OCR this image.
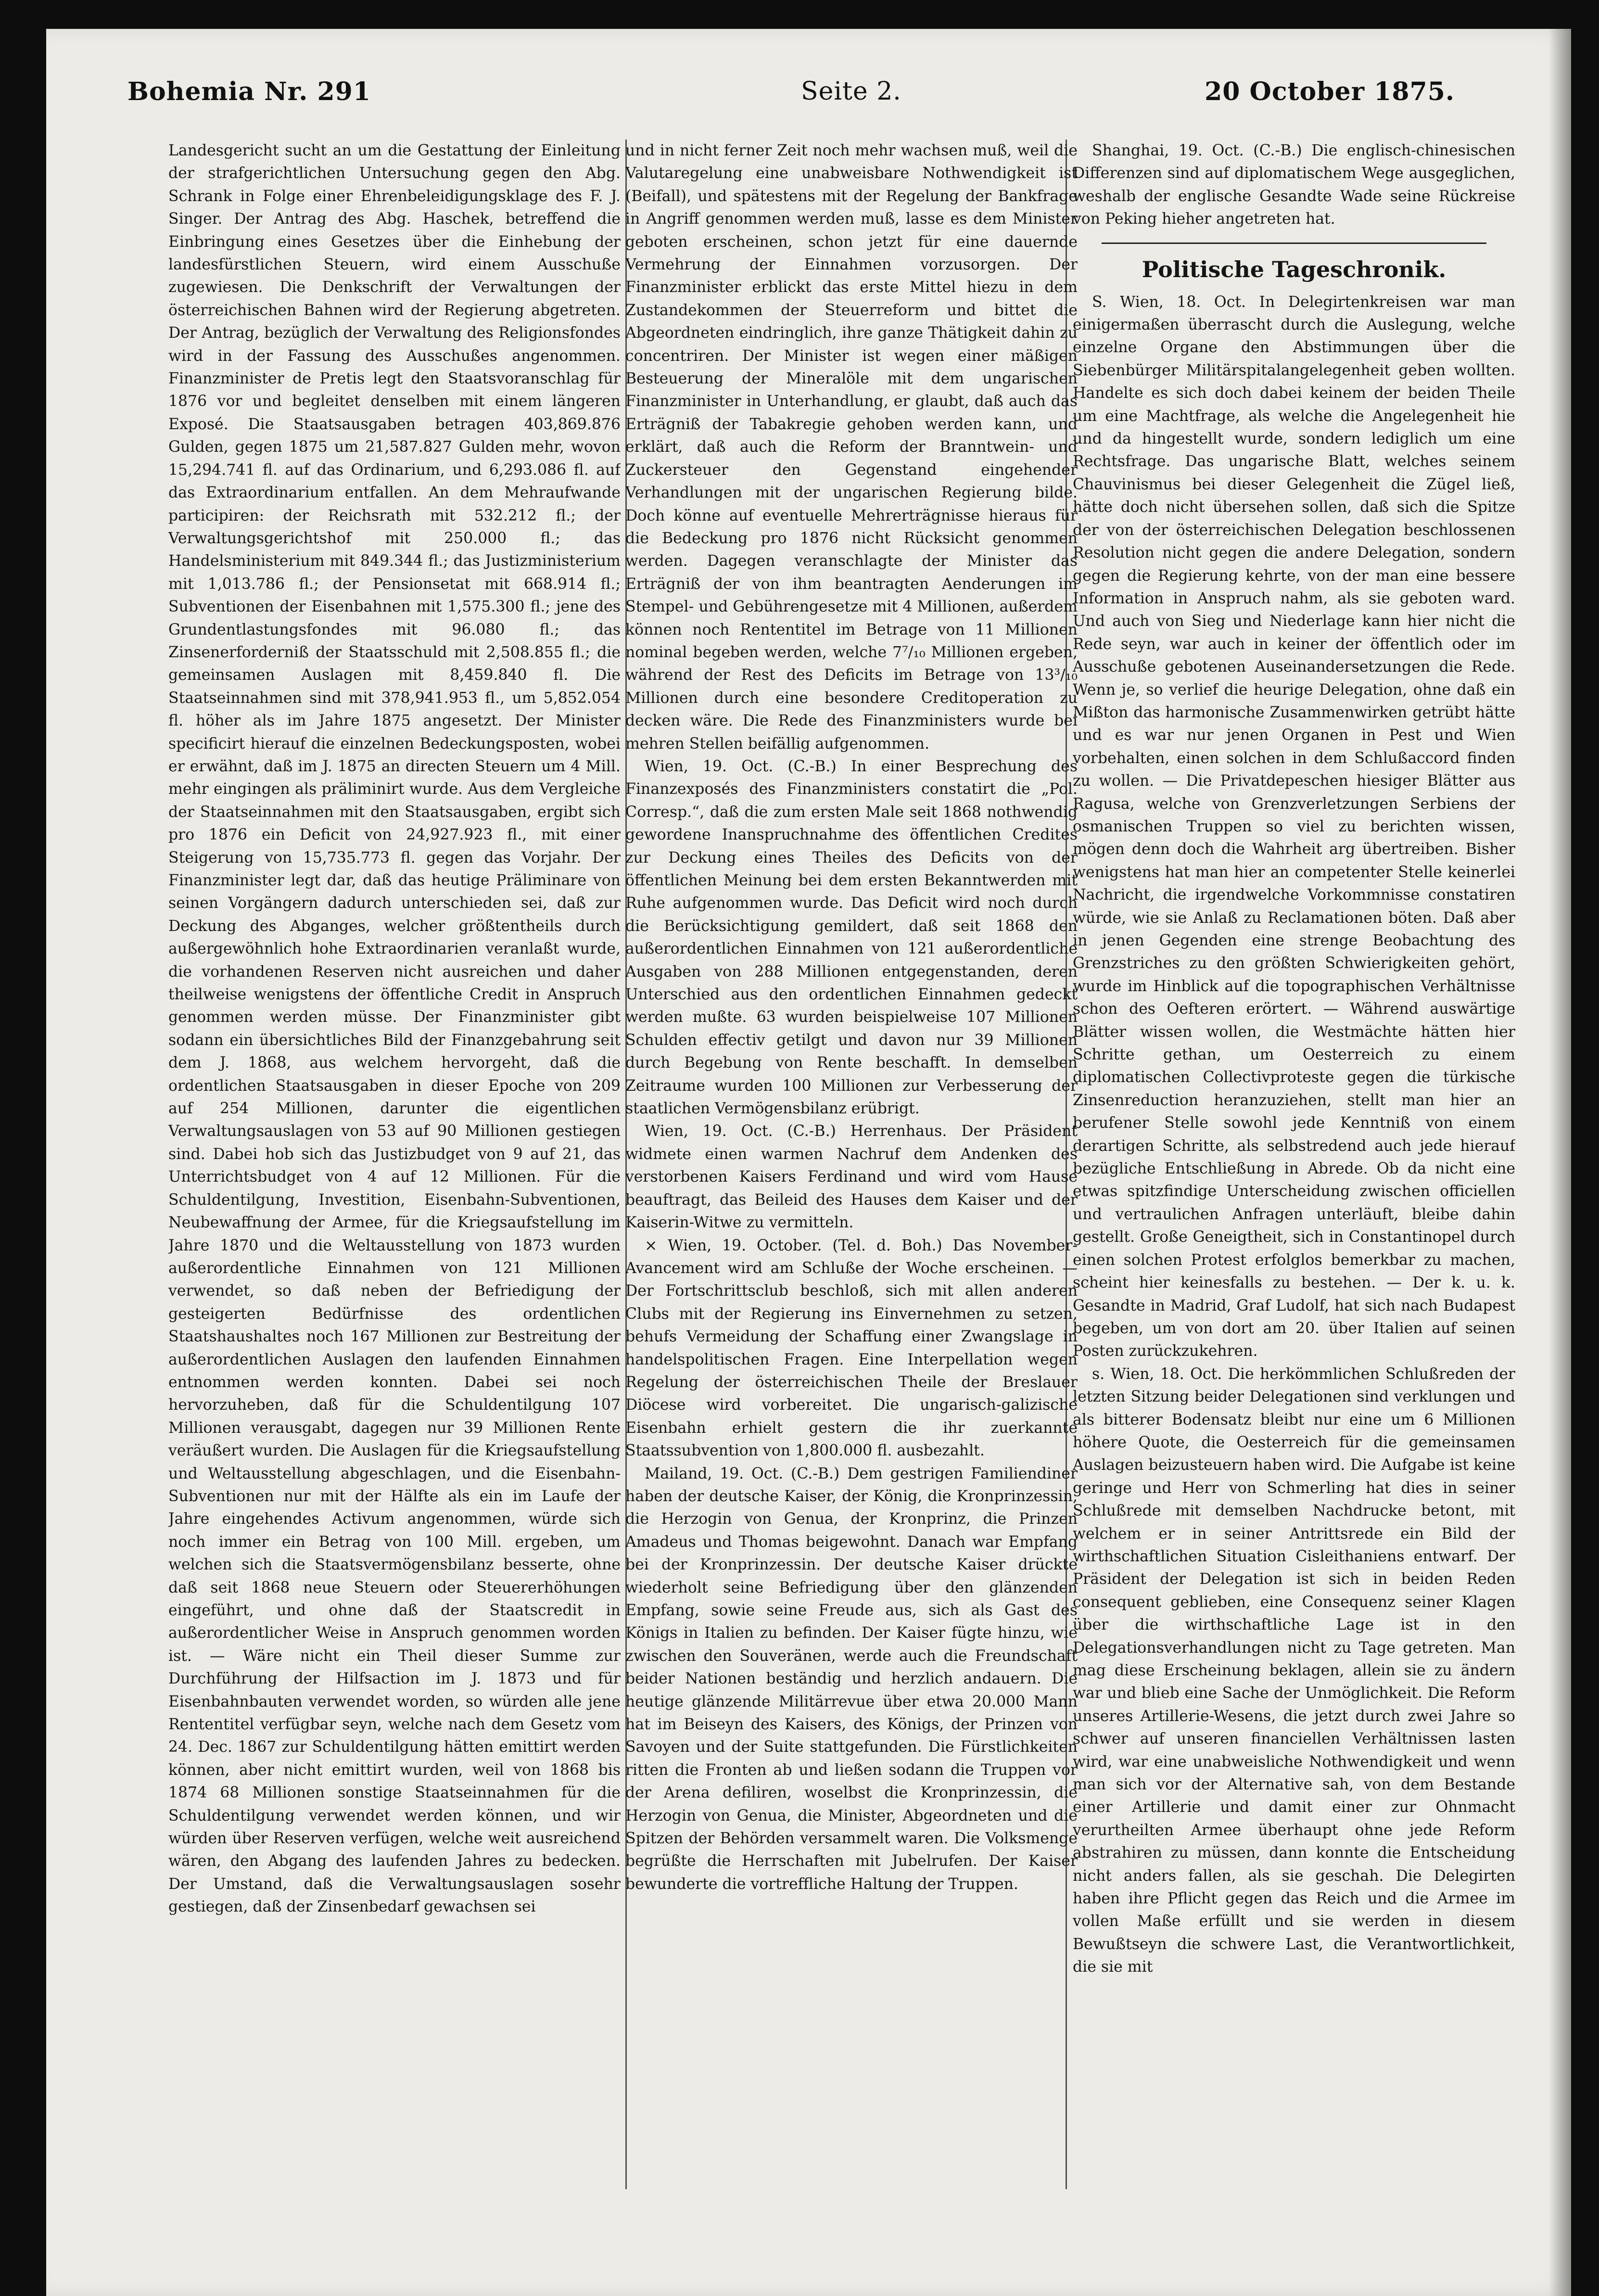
Bohemia Nr. 291	Seite 2.	20 October 1875.

Landesgericht sucht an um die Gestattung der Einleitung der strafgerichtlichen Untersuchung gegen den Abg. Schrank in Folge einer Ehrenbeleidigungsklage des F. J. Singer. Der Antrag des Abg. Haschek, betreffend die Einbringung eines Gesetzes über die Einhebung der landesfürstlichen Steuern, wird einem Ausschuße zugewiesen. Die Denkschrift der Verwaltungen der österreichischen Bahnen wird der Regierung abgetreten. Der Antrag, bezüglich der Verwaltung des Religionsfondes wird in der Fassung des Ausschußes angenommen. Finanzminister de Pretis legt den Staatsvoranschlag für 1876 vor und begleitet denselben mit einem längeren Exposé. Die Staatsausgaben betragen 403,869.876 Gulden, gegen 1875 um 21,587.827 Gulden mehr, wovon 15,294.741 fl. auf das Ordinarium, und 6,293.086 fl. auf das Extraordinarium entfallen. An dem Mehraufwande participiren: der Reichsrath mit 532.212 fl.; der Verwaltungsgerichtshof mit 250.000 fl.; das Handelsministerium mit 849.344 fl.; das Justizministerium mit 1,013.786 fl.; der Pensionsetat mit 668.914 fl.; Subventionen der Eisenbahnen mit 1,575.300 fl.; jene des Grundentlastungsfondes mit 96.080 fl.; das Zinsenerforderniß der Staatsschuld mit 2,508.855 fl.; die gemeinsamen Auslagen mit 8,459.840 fl. Die Staatseinnahmen sind mit 378,941.953 fl., um 5,852.054 fl. höher als im Jahre 1875 angesetzt. Der Minister specificirt hierauf die einzelnen Bedeckungsposten, wobei er erwähnt, daß im J. 1875 an directen Steuern um 4 Mill. mehr eingingen als präliminirt wurde. Aus dem Vergleiche der Staatseinnahmen mit den Staatsausgaben, ergibt sich pro 1876 ein Deficit von 24,927.923 fl., mit einer Steigerung von 15,735.773 fl. gegen das Vorjahr. Der Finanzminister legt dar, daß das heutige Präliminare von seinen Vorgängern dadurch unterschieden sei, daß zur Deckung des Abganges, welcher größtentheils durch außergewöhnlich hohe Extraordinarien veranlaßt wurde, die vorhandenen Reserven nicht ausreichen und daher theilweise wenigstens der öffentliche Credit in Anspruch genommen werden müsse. Der Finanzminister gibt sodann ein übersichtliches Bild der Finanzgebahrung seit dem J. 1868, aus welchem hervorgeht, daß die ordentlichen Staatsausgaben in dieser Epoche von 209 auf 254 Millionen, darunter die eigentlichen Verwaltungsauslagen von 53 auf 90 Millionen gestiegen sind. Dabei hob sich das Justizbudget von 9 auf 21, das Unterrichtsbudget von 4 auf 12 Millionen. Für die Schuldentilgung, Investition, Eisenbahn-Subventionen, Neubewaffnung der Armee, für die Kriegsaufstellung im Jahre 1870 und die Weltausstellung von 1873 wurden außerordentliche Einnahmen von 121 Millionen verwendet, so daß neben der Befriedigung der gesteigerten Bedürfnisse des ordentlichen Staatshaushaltes noch 167 Millionen zur Bestreitung der außerordentlichen Auslagen den laufenden Einnahmen entnommen werden konnten. Dabei sei noch hervorzuheben, daß für die Schuldentilgung 107 Millionen verausgabt, dagegen nur 39 Millionen Rente veräußert wurden. Die Auslagen für die Kriegsaufstellung und Weltausstellung abgeschlagen, und die Eisenbahn-Subventionen nur mit der Hälfte als ein im Laufe der Jahre eingehendes Activum angenommen, würde sich noch immer ein Betrag von 100 Mill. ergeben, um welchen sich die Staatsvermögensbilanz besserte, ohne daß seit 1868 neue Steuern oder Steuererhöhungen eingeführt, und ohne daß der Staatscredit in außerordentlicher Weise in Anspruch genommen worden ist. — Wäre nicht ein Theil dieser Summe zur Durchführung der Hilfsaction im J. 1873 und für Eisenbahnbauten verwendet worden, so würden alle jene Rententitel verfügbar seyn, welche nach dem Gesetz vom 24. Dec. 1867 zur Schuldentilgung hätten emittirt werden können, aber nicht emittirt wurden, weil von 1868 bis 1874 68 Millionen sonstige Staatseinnahmen für die Schuldentilgung verwendet werden können, und wir würden über Reserven verfügen, welche weit ausreichend wären, den Abgang des laufenden Jahres zu bedecken. Der Umstand, daß die Verwaltungsauslagen sosehr gestiegen, daß der Zinsenbedarf gewachsen sei

und in nicht ferner Zeit noch mehr wachsen muß, weil die Valutaregelung eine unabweisbare Nothwendigkeit ist (Beifall), und spätestens mit der Regelung der Bankfrage in Angriff genommen werden muß, lasse es dem Minister geboten erscheinen, schon jetzt für eine dauernde Vermehrung der Einnahmen vorzusorgen. Der Finanzminister erblickt das erste Mittel hiezu in dem Zustandekommen der Steuerreform und bittet die Abgeordneten eindringlich, ihre ganze Thätigkeit dahin zu concentriren. Der Minister ist wegen einer mäßigen Besteuerung der Mineralöle mit dem ungarischen Finanzminister in Unterhandlung, er glaubt, daß auch das Erträgniß der Tabakregie gehoben werden kann, und erklärt, daß auch die Reform der Branntwein- und Zuckersteuer den Gegenstand eingehender Verhandlungen mit der ungarischen Regierung bilde. Doch könne auf eventuelle Mehrerträgnisse hieraus für die Bedeckung pro 1876 nicht Rücksicht genommen werden. Dagegen veranschlagte der Minister das Erträgniß der von ihm beantragten Aenderungen im Stempel- und Gebührengesetze mit 4 Millionen, außerdem können noch Rententitel im Betrage von 11 Millionen nominal begeben werden, welche 7⁷/₁₀ Millionen ergeben, während der Rest des Deficits im Betrage von 13³/₁₀ Millionen durch eine besondere Creditoperation zu decken wäre. Die Rede des Finanzministers wurde bei mehren Stellen beifällig aufgenommen.

Wien, 19. Oct. (C.-B.) In einer Besprechung des Finanzexposés des Finanzministers constatirt die „Pol. Corresp.“, daß die zum ersten Male seit 1868 nothwendig gewordene Inanspruchnahme des öffentlichen Credites zur Deckung eines Theiles des Deficits von der öffentlichen Meinung bei dem ersten Bekanntwerden mit Ruhe aufgenommen wurde. Das Deficit wird noch durch die Berücksichtigung gemildert, daß seit 1868 den außerordentlichen Einnahmen von 121 außerordentliche Ausgaben von 288 Millionen entgegenstanden, deren Unterschied aus den ordentlichen Einnahmen gedeckt werden mußte. 63 wurden beispielweise 107 Millionen Schulden effectiv getilgt und davon nur 39 Millionen durch Begebung von Rente beschafft. In demselben Zeitraume wurden 100 Millionen zur Verbesserung der staatlichen Vermögensbilanz erübrigt.

Wien, 19. Oct. (C.-B.) Herrenhaus. Der Präsident widmete einen warmen Nachruf dem Andenken des verstorbenen Kaisers Ferdinand und wird vom Hause beauftragt, das Beileid des Hauses dem Kaiser und der Kaiserin-Witwe zu vermitteln.

× Wien, 19. October. (Tel. d. Boh.) Das November-Avancement wird am Schluße der Woche erscheinen. — Der Fortschrittsclub beschloß, sich mit allen anderen Clubs mit der Regierung ins Einvernehmen zu setzen, behufs Vermeidung der Schaffung einer Zwangslage in handelspolitischen Fragen. Eine Interpellation wegen Regelung der österreichischen Theile der Breslauer Diöcese wird vorbereitet. Die ungarisch-galizische Eisenbahn erhielt gestern die ihr zuerkannte Staatssubvention von 1,800.000 fl. ausbezahlt.

Mailand, 19. Oct. (C.-B.) Dem gestrigen Familiendiner haben der deutsche Kaiser, der König, die Kronprinzessin, die Herzogin von Genua, der Kronprinz, die Prinzen Amadeus und Thomas beigewohnt. Danach war Empfang bei der Kronprinzessin. Der deutsche Kaiser drückte wiederholt seine Befriedigung über den glänzenden Empfang, sowie seine Freude aus, sich als Gast des Königs in Italien zu befinden. Der Kaiser fügte hinzu, wie zwischen den Souveränen, werde auch die Freundschaft beider Nationen beständig und herzlich andauern. Die heutige glänzende Militärrevue über etwa 20.000 Mann hat im Beiseyn des Kaisers, des Königs, der Prinzen von Savoyen und der Suite stattgefunden. Die Fürstlichkeiten ritten die Fronten ab und ließen sodann die Truppen vor der Arena defiliren, woselbst die Kronprinzessin, die Herzogin von Genua, die Minister, Abgeordneten und die Spitzen der Behörden versammelt waren. Die Volksmenge begrüßte die Herrschaften mit Jubelrufen. Der Kaiser bewunderte die vortreffliche Haltung der Truppen.

Shanghai, 19. Oct. (C.-B.) Die englisch-chinesischen Differenzen sind auf diplomatischem Wege ausgeglichen, weshalb der englische Gesandte Wade seine Rückreise von Peking hieher angetreten hat.

Politische Tageschronik.

S. Wien, 18. Oct. In Delegirtenkreisen war man einigermaßen überrascht durch die Auslegung, welche einzelne Organe den Abstimmungen über die Siebenbürger Militärspitalangelegenheit geben wollten. Handelte es sich doch dabei keinem der beiden Theile um eine Machtfrage, als welche die Angelegenheit hie und da hingestellt wurde, sondern lediglich um eine Rechtsfrage. Das ungarische Blatt, welches seinem Chauvinismus bei dieser Gelegenheit die Zügel ließ, hätte doch nicht übersehen sollen, daß sich die Spitze der von der österreichischen Delegation beschlossenen Resolution nicht gegen die andere Delegation, sondern gegen die Regierung kehrte, von der man eine bessere Information in Anspruch nahm, als sie geboten ward. Und auch von Sieg und Niederlage kann hier nicht die Rede seyn, war auch in keiner der öffentlich oder im Ausschuße gebotenen Auseinandersetzungen die Rede. Wenn je, so verlief die heurige Delegation, ohne daß ein Mißton das harmonische Zusammenwirken getrübt hätte und es war nur jenen Organen in Pest und Wien vorbehalten, einen solchen in dem Schlußaccord finden zu wollen. — Die Privatdepeschen hiesiger Blätter aus Ragusa, welche von Grenzverletzungen Serbiens der osmanischen Truppen so viel zu berichten wissen, mögen denn doch die Wahrheit arg übertreiben. Bisher wenigstens hat man hier an competenter Stelle keinerlei Nachricht, die irgendwelche Vorkommnisse constatiren würde, wie sie Anlaß zu Reclamationen böten. Daß aber in jenen Gegenden eine strenge Beobachtung des Grenzstriches zu den größten Schwierigkeiten gehört, wurde im Hinblick auf die topographischen Verhältnisse schon des Oefteren erörtert. — Während auswärtige Blätter wissen wollen, die Westmächte hätten hier Schritte gethan, um Oesterreich zu einem diplomatischen Collectivproteste gegen die türkische Zinsenreduction heranzuziehen, stellt man hier an berufener Stelle sowohl jede Kenntniß von einem derartigen Schritte, als selbstredend auch jede hierauf bezügliche Entschließung in Abrede. Ob da nicht eine etwas spitzfindige Unterscheidung zwischen officiellen und vertraulichen Anfragen unterläuft, bleibe dahin gestellt. Große Geneigtheit, sich in Constantinopel durch einen solchen Protest erfolglos bemerkbar zu machen, scheint hier keinesfalls zu bestehen. — Der k. u. k. Gesandte in Madrid, Graf Ludolf, hat sich nach Budapest begeben, um von dort am 20. über Italien auf seinen Posten zurückzukehren.

s. Wien, 18. Oct. Die herkömmlichen Schlußreden der letzten Sitzung beider Delegationen sind verklungen und als bitterer Bodensatz bleibt nur eine um 6 Millionen höhere Quote, die Oesterreich für die gemeinsamen Auslagen beizusteuern haben wird. Die Aufgabe ist keine geringe und Herr von Schmerling hat dies in seiner Schlußrede mit demselben Nachdrucke betont, mit welchem er in seiner Antrittsrede ein Bild der wirthschaftlichen Situation Cisleithaniens entwarf. Der Präsident der Delegation ist sich in beiden Reden consequent geblieben, eine Consequenz seiner Klagen über die wirthschaftliche Lage ist in den Delegationsverhandlungen nicht zu Tage getreten. Man mag diese Erscheinung beklagen, allein sie zu ändern war und blieb eine Sache der Unmöglichkeit. Die Reform unseres Artillerie-Wesens, die jetzt durch zwei Jahre so schwer auf unseren financiellen Verhältnissen lasten wird, war eine unabweisliche Nothwendigkeit und wenn man sich vor der Alternative sah, von dem Bestande einer Artillerie und damit einer zur Ohnmacht verurtheilten Armee überhaupt ohne jede Reform abstrahiren zu müssen, dann konnte die Entscheidung nicht anders fallen, als sie geschah. Die Delegirten haben ihre Pflicht gegen das Reich und die Armee im vollen Maße erfüllt und sie werden in diesem Bewußtseyn die schwere Last, die Verantwortlichkeit, die sie mit
